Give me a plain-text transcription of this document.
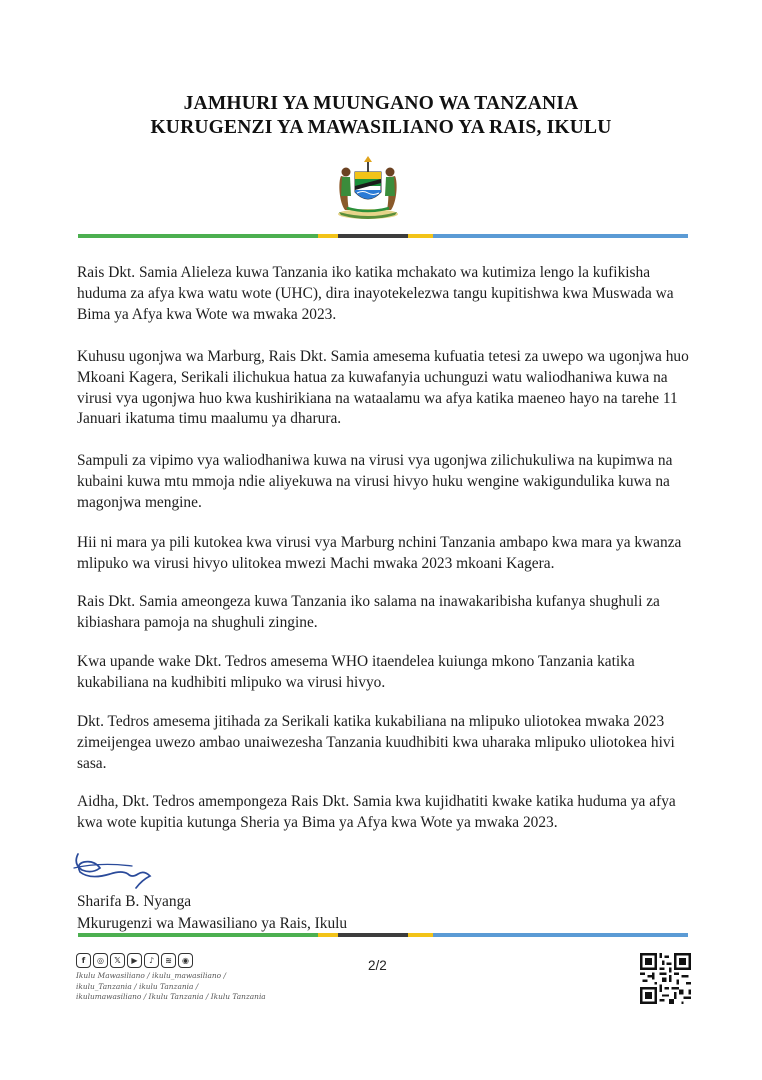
JAMHURI YA MUUNGANO WA TANZANIA
KURUGENZI YA MAWASILIANO YA RAIS, IKULU

Rais Dkt. Samia Alieleza kuwa Tanzania iko katika mchakato wa kutimiza lengo la kufikisha huduma za afya kwa watu wote (UHC), dira inayotekelezwa tangu kupitishwa kwa Muswada wa Bima ya Afya kwa Wote wa mwaka 2023.

Kuhusu ugonjwa wa Marburg, Rais Dkt. Samia amesema kufuatia tetesi za uwepo wa ugonjwa huo Mkoani Kagera, Serikali ilichukua hatua za kuwafanyia uchunguzi watu waliodhaniwa kuwa na virusi vya ugonjwa huo kwa kushirikiana na wataalamu wa afya katika maeneo hayo na tarehe 11 Januari ikatuma timu maalumu ya dharura.

Sampuli za vipimo vya waliodhaniwa kuwa na virusi vya ugonjwa zilichukuliwa na kupimwa na kubaini kuwa mtu mmoja ndie aliyekuwa na virusi hivyo huku wengine wakigundulika kuwa na magonjwa mengine.

Hii ni mara ya pili kutokea kwa virusi vya Marburg nchini Tanzania ambapo kwa mara ya kwanza mlipuko wa virusi hivyo ulitokea mwezi Machi mwaka 2023 mkoani Kagera.

Rais Dkt. Samia ameongeza kuwa Tanzania iko salama na inawakaribisha kufanya shughuli za kibiashara pamoja na shughuli zingine.

Kwa upande wake Dkt. Tedros amesema WHO itaendelea kuiunga mkono Tanzania katika kukabiliana na kudhibiti mlipuko wa virusi hivyo.

Dkt. Tedros amesema jitihada za Serikali katika kukabiliana na mlipuko uliotokea mwaka 2023 zimeijengea uwezo ambao unaiwezesha Tanzania kuudhibiti kwa uharaka mlipuko uliotokea hivi sasa.

Aidha, Dkt. Tedros amempongeza Rais Dkt. Samia kwa kujidhatiti kwake katika huduma ya afya kwa wote kupitia kutunga Sheria ya Bima ya Afya kwa Wote ya mwaka 2023.

Sharifa B. Nyanga
Mkurugenzi wa Mawasiliano ya Rais, Ikulu
f	◎	𝕏	▶	♪	≋	◉
Ikulu Mawasiliano / ikulu_mawasiliano /
ikulu_Tanzania / ikulu Tanzania /
ikulumawasiliano / Ikulu Tanzania / Ikulu Tanzania
2/2
